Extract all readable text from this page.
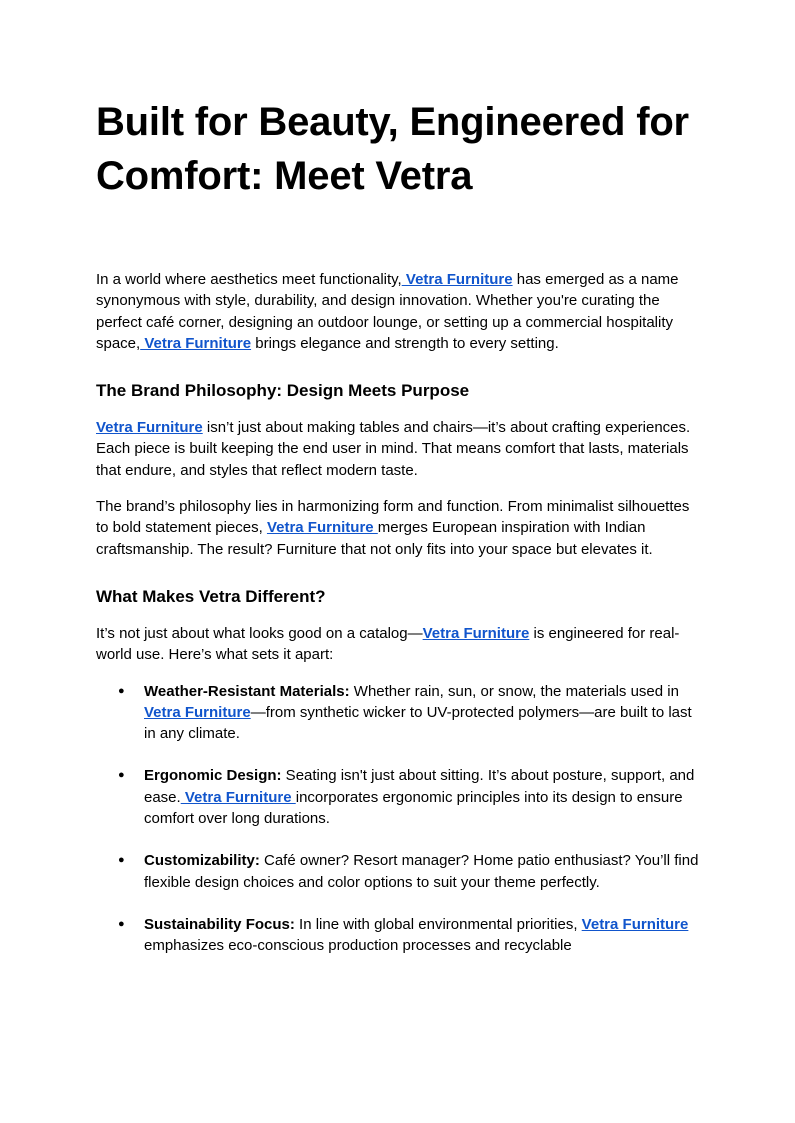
Built for Beauty, Engineered for Comfort: Meet Vetra

In a world where aesthetics meet functionality, Vetra Furniture has emerged as a name synonymous with style, durability, and design innovation. Whether you're curating the perfect café corner, designing an outdoor lounge, or setting up a commercial hospitality space, Vetra Furniture brings elegance and strength to every setting.

The Brand Philosophy: Design Meets Purpose

Vetra Furniture isn’t just about making tables and chairs—it’s about crafting experiences. Each piece is built keeping the end user in mind. That means comfort that lasts, materials that endure, and styles that reflect modern taste.

The brand’s philosophy lies in harmonizing form and function. From minimalist silhouettes to bold statement pieces, Vetra Furniture merges European inspiration with Indian craftsmanship. The result? Furniture that not only fits into your space but elevates it.

What Makes Vetra Different?

It’s not just about what looks good on a catalog—Vetra Furniture is engineered for real-world use. Here’s what sets it apart:

● Weather-Resistant Materials: Whether rain, sun, or snow, the materials used in Vetra Furniture—from synthetic wicker to UV-protected polymers—are built to last in any climate.
● Ergonomic Design: Seating isn't just about sitting. It’s about posture, support, and ease. Vetra Furniture incorporates ergonomic principles into its design to ensure comfort over long durations.
● Customizability: Café owner? Resort manager? Home patio enthusiast? You’ll find flexible design choices and color options to suit your theme perfectly.
● Sustainability Focus: In line with global environmental priorities, Vetra Furniture emphasizes eco-conscious production processes and recyclable
